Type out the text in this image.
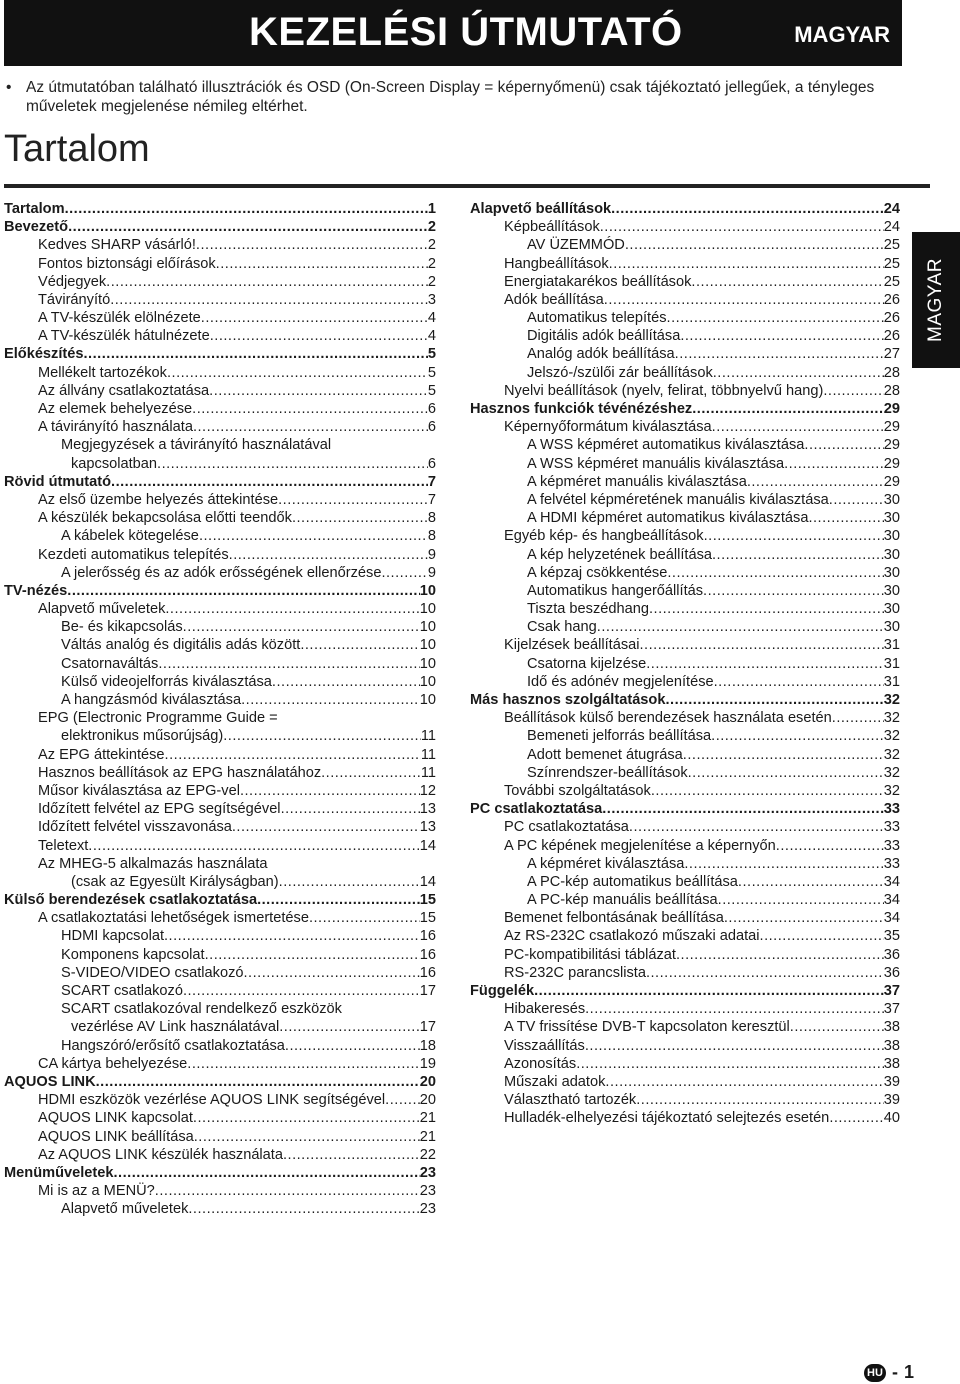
KEZELÉSI ÚTMUTATÓ	MAGYAR
• Az útmutatóban található illusztrációk és OSD (On-Screen Display = képernyőmenü) csak tájékoztató jellegűek, a tényleges műveletek megjelenése némileg eltérhet.
Tartalom
MAGYAR
Tartalom .....	1
Bevezető .....	2
Kedves SHARP vásárló! .....	2
Fontos biztonsági előírások .....	2
Védjegyek .....	2
Távirányító .....	3
A TV-készülék elölnézete .....	4
A TV-készülék hátulnézete .....	4
Előkészítés .....	5
Mellékelt tartozékok .....	5
Az állvány csatlakoztatása .....	5
Az elemek behelyezése .....	6
A távirányító használata .....	6
Megjegyzések a távirányító használatával
kapcsolatban .....	6
Rövid útmutató .....	7
Az első üzembe helyezés áttekintése .....	7
A készülék bekapcsolása előtti teendők .....	8
A kábelek kötegelése .....	8
Kezdeti automatikus telepítés .....	9
A jelerősség és az adók erősségének ellenőrzése .....	9
TV-nézés .....	10
Alapvető műveletek .....	10
Be- és kikapcsolás .....	10
Váltás analóg és digitális adás között .....	10
Csatornaváltás .....	10
Külső videojelforrás kiválasztása .....	10
A hangzásmód kiválasztása .....	10
EPG (Electronic Programme Guide =
elektronikus műsorújság) .....	11
Az EPG áttekintése .....	11
Hasznos beállítások az EPG használatához .....	11
Műsor kiválasztása az EPG-vel .....	12
Időzített felvétel az EPG segítségével .....	13
Időzített felvétel visszavonása .....	13
Teletext .....	14
Az MHEG-5 alkalmazás használata
(csak az Egyesült Királyságban) .....	14
Külső berendezések csatlakoztatása .....	15
A csatlakoztatási lehetőségek ismertetése .....	15
HDMI kapcsolat .....	16
Komponens kapcsolat .....	16
S-VIDEO/VIDEO csatlakozó .....	16
SCART csatlakozó .....	17
SCART csatlakozóval rendelkező eszközök
vezérlése AV Link használatával .....	17
Hangszóró/erősítő csatlakoztatása .....	18
CA kártya behelyezése .....	19
AQUOS LINK .....	20
HDMI eszközök vezérlése AQUOS LINK segítségével ..... 20
AQUOS LINK kapcsolat .....	21
AQUOS LINK beállítása .....	21
Az AQUOS LINK készülék használata .....	22
Menüműveletek .....	23
Mi is az a MENÜ? .....	23
Alapvető műveletek .....	23
Alapvető beállítások .....	24
Képbeállítások .....	24
AV ÜZEMMÓD .....	25
Hangbeállítások .....	25
Energiatakarékos beállítások .....	25
Adók beállítása .....	26
Automatikus telepítés .....	26
Digitális adók beállítása .....	26
Analóg adók beállítása .....	27
Jelszó-/szülői zár beállítások .....	28
Nyelvi beállítások (nyelv, felirat, többnyelvű hang) .....	28
Hasznos funkciók tévénézéshez .....	29
Képernyőformátum kiválasztása .....	29
A WSS képméret automatikus kiválasztása .....	29
A WSS képméret manuális kiválasztása .....	29
A képméret manuális kiválasztása .....	29
A felvétel képméretének manuális kiválasztása .....	30
A HDMI képméret automatikus kiválasztása .....	30
Egyéb kép- és hangbeállítások .....	30
A kép helyzetének beállítása .....	30
A képzaj csökkentése .....	30
Automatikus hangerőállítás .....	30
Tiszta beszédhang .....	30
Csak hang .....	30
Kijelzések beállításai .....	31
Csatorna kijelzése .....	31
Idő és adónév megjelenítése .....	31
Más hasznos szolgáltatások .....	32
Beállítások külső berendezések használata esetén .....	32
Bemeneti jelforrás beállítása .....	32
Adott bemenet átugrása .....	32
Színrendszer-beállítások .....	32
További szolgáltatások .....	32
PC csatlakoztatása .....	33
PC csatlakoztatása .....	33
A PC képének megjelenítése a képernyőn .....	33
A képméret kiválasztása .....	33
A PC-kép automatikus beállítása .....	34
A PC-kép manuális beállítása .....	34
Bemenet felbontásának beállítása .....	34
Az RS-232C csatlakozó műszaki adatai .....	35
PC-kompatibilitási táblázat .....	36
RS-232C parancslista .....	36
Függelék .....	37
Hibakeresés .....	37
A TV frissítése DVB-T kapcsolaton keresztül .....	38
Visszaállítás .....	38
Azonosítás .....	38
Műszaki adatok .....	39
Választható tartozék .....	39
Hulladék-elhelyezési tájékoztató selejtezés esetén .....	40
HU - 1
